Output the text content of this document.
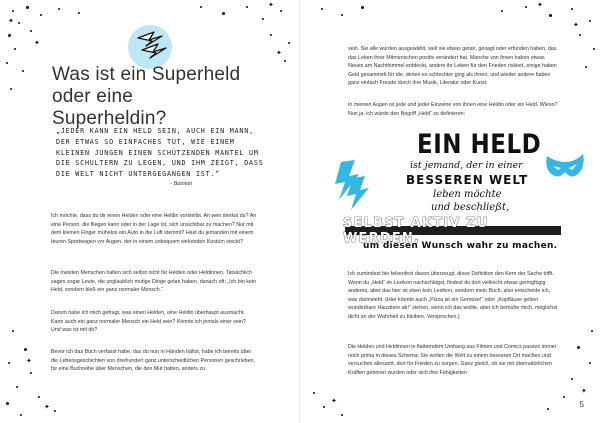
✦
✦
✦
✦
✦
✦
Was ist ein Superheld oder eine Superheldin?
„JEDER KANN EIN HELD SEIN, AUCH EIN MANN, DER ETWAS SO EINFACHES TUT, WIE EINEM KLEINEN JUNGEN EINEN SCHÜTZENDEN MANTEL UM DIE SCHULTERN ZU LEGEN, UND IHM ZEIGT, DASS DIE WELT NICHT UNTERGEGANGEN IST.“
- Batman

Ich möchte, dass du dir einen Helden oder eine Heldin vorstellst. An wen denkst du? An eine Person, die fliegen kann oder in der Lage ist, sich unsichtbar zu machen? Nur mit dem kleinen Finger mühelos ein Auto in die Luft stemmt? Hast du jemanden mit einem teuren Sportwagen vor Augen, der in einem unbequem wirkenden Kostüm steckt?

Die meisten Menschen halten sich selbst nicht für Helden oder Heldinnen. Tatsächlich sagen sogar Leute, die unglaublich mutige Dinge getan haben, danach oft: „Ich bin kein Held, sondern bloß ein ganz normaler Mensch.“

Darum habe ich mich gefragt, was einen Helden, eine Heldin überhaupt ausmacht. Kann auch ein ganz normaler Mensch ein Held sein? Könnte ich jemals einer sein? Und was ist mit dir?

Bevor ich das Buch verfasst habe, das du nun in Händen hältst, habe ich bereits über die Lebensgeschichten von dreihundert ganz unterschiedlichen Personen geschrieben, für eine Buchreihe über Menschen, die den Mut hatten, anders zu

✦
✦
✦
✦

sein. Sie alle wurden ausgewählt, weil sie etwas getan, gesagt oder erfunden haben, das das Leben ihrer Mitmenschen positiv verändert hat. Manche von ihnen haben etwas Neues am Nachthimmel entdeckt, andere ihr Leben für den Frieden riskiert, einige haben Geld gesammelt für die, denen es schlechter ging als ihnen, und wieder andere haben ganz einfach Freude durch ihre Musik, Literatur oder Kunst.

In meinen Augen ist jede und jeder Einzelne von ihnen eine Heldin oder ein Held. Wieso? Nun ja, ich würde den Begriff „Held“ so definieren:

EIN HELD
ist jemand, der in einer
BESSEREN WELT
leben möchte
und beschließt,
SELBST AKTIV ZU WERDEN,
um diesen Wunsch wahr zu machen.

Ich zumindest bin felsenfest davon überzeugt, diese Definition den Kern der Sache trifft. Wenn du „Held“ im Lexikon nachschlägst, findest du dort vielleicht etwas geringfügig anderes, aber das hier ist eben kein Lexikon, sondern mein Buch, also entscheide ich, was darinsteht. (Hier könnte auch „Pizza ist ein Gemüse!“ oder „Kopfläuse geben wunderbare Haustiere ab!“ stehen, wenn ich das wollte, aber ich bemühe mich, möglichst dicht an der Wahrheit zu bleiben. Versprochen.)

Die Helden und Heldinnen in flatterndem Umhang aus Filmen und Comics passen immer noch prima in dieses Schema: Sie wollen die Welt zu einem besseren Ort machen und versuchen allesamt, dort für Frieden zu sorgen. Ganz gleich, ob sie mit übernatürlichen Kräften geboren wurden oder sich ihre Fähigkeiten

5
